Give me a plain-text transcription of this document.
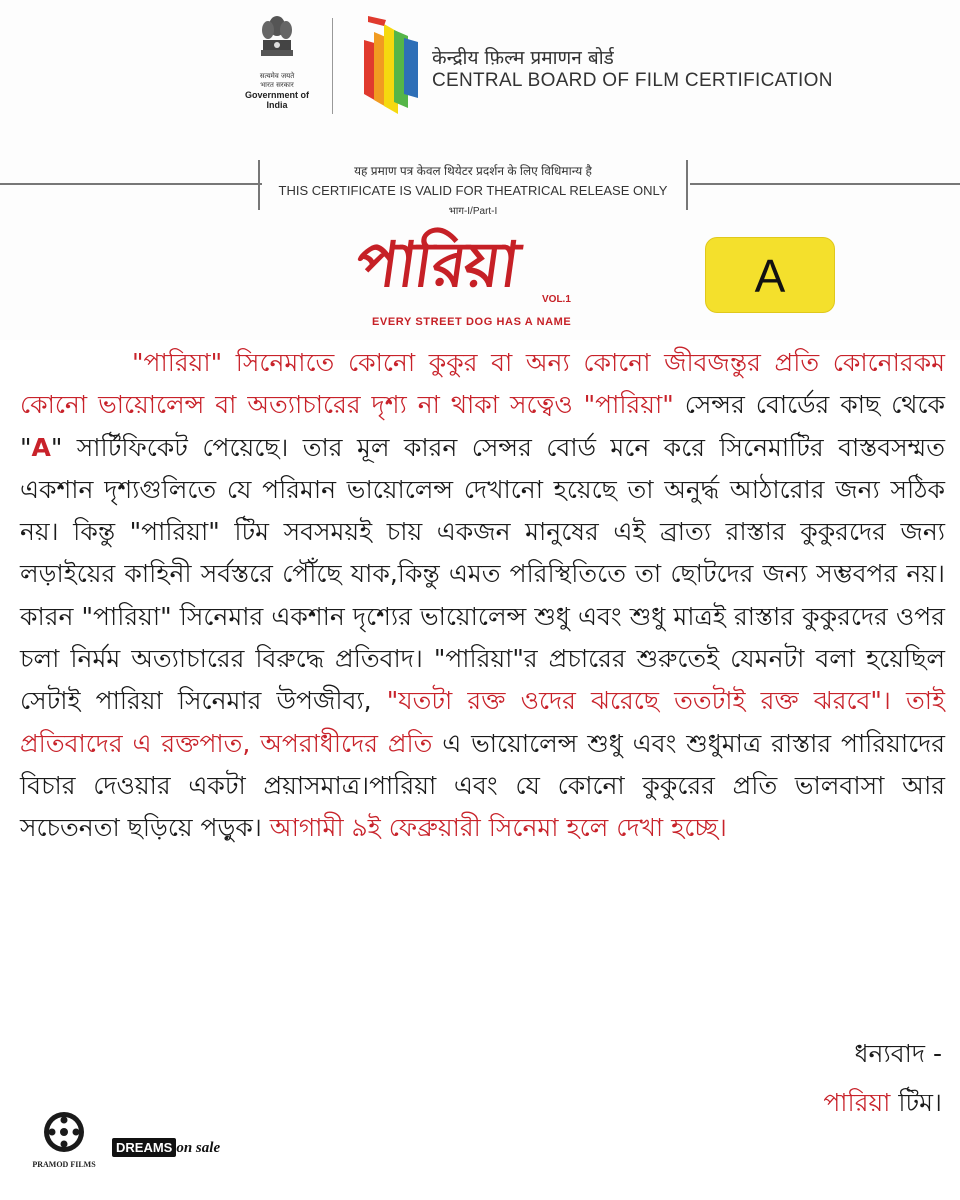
सत्यमेव जयते
भारत सरकार
Government of India
केन्द्रीय फ़िल्म प्रमाणन बोर्ड
CENTRAL BOARD OF FILM CERTIFICATION
यह प्रमाण पत्र केवल थियेटर प्रदर्शन के लिए विधिमान्य है
THIS CERTIFICATE IS VALID FOR THEATRICAL RELEASE ONLY
भाग-I/Part-I
পারিয়া VOL.1
EVERY STREET DOG HAS A NAME
A
"পারিয়া" সিনেমাতে কোনো কুকুর বা অন্য কোনো জীবজন্তুর প্রতি কোনোরকম কোনো ভায়োলেন্স বা অত্যাচারের দৃশ্য না থাকা সত্বেও "পারিয়া" সেন্সর বোর্ডের কাছ থেকে "A" সার্টিফিকেট পেয়েছে। তার মূল কারন সেন্সর বোর্ড মনে করে সিনেমাটির বাস্তবসম্মত একশান দৃশ্যগুলিতে যে পরিমান ভায়োলেন্স দেখানো হয়েছে তা অনুর্দ্ধ আঠারোর জন্য সঠিক নয়। কিন্তু "পারিয়া" টিম সবসময়ই চায় একজন মানুষের এই ব্রাত্য রাস্তার কুকুরদের জন্য লড়াইয়ের কাহিনী সর্বস্তরে পৌঁছে যাক,কিন্তু এমত পরিস্থিতিতে তা ছোটদের জন্য সম্ভবপর নয়। কারন "পারিয়া" সিনেমার একশান দৃশ্যের ভায়োলেন্স শুধু এবং শুধু মাত্রই রাস্তার কুকুরদের ওপর চলা নির্মম অত্যাচারের বিরুদ্ধে প্রতিবাদ। "পারিয়া"র প্রচারের শুরুতেই যেমনটা বলা হয়েছিল সেটাই পারিয়া সিনেমার উপজীব্য, "যতটা রক্ত ওদের ঝরেছে ততটাই রক্ত ঝরবে"। তাই প্রতিবাদের এ রক্তপাত, অপরাধীদের প্রতি এ ভায়োলেন্স শুধু এবং শুধুমাত্র রাস্তার পারিয়াদের বিচার দেওয়ার একটা প্রয়াসমাত্র।পারিয়া এবং যে কোনো কুকুরের প্রতি ভালবাসা আর সচেতনতা ছড়িয়ে পড়ুক। আগামী ৯ই ফেব্রুয়ারী সিনেমা হলে দেখা হচ্ছে।
ধন্যবাদ -
পারিয়া টিম।
PRAMOD FILMS
DREAMS on sale
